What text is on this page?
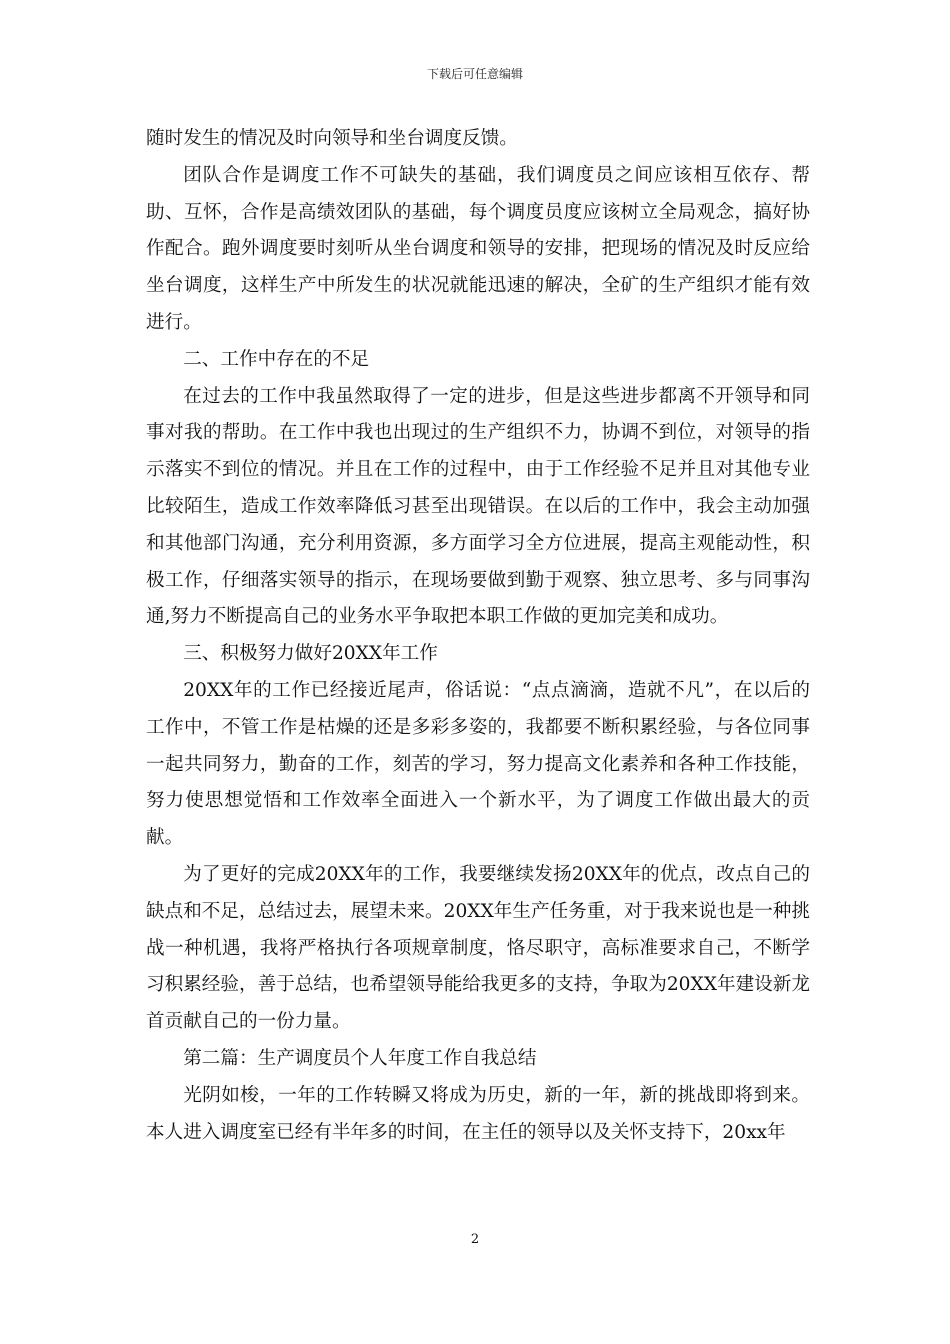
下载后可任意编辑

随时发生的情况及时向领导和坐台调度反馈。

团队合作是调度工作不可缺失的基础，我们调度员之间应该相互依存、帮助、互怀，合作是高绩效团队的基础，每个调度员度应该树立全局观念，搞好协作配合。跑外调度要时刻听从坐台调度和领导的安排，把现场的情况及时反应给坐台调度，这样生产中所发生的状况就能迅速的解决，全矿的生产组织才能有效进行。

二、工作中存在的不足

在过去的工作中我虽然取得了一定的进步，但是这些进步都离不开领导和同事对我的帮助。在工作中我也出现过的生产组织不力，协调不到位，对领导的指示落实不到位的情况。并且在工作的过程中，由于工作经验不足并且对其他专业比较陌生，造成工作效率降低习甚至出现错误。在以后的工作中，我会主动加强和其他部门沟通，充分利用资源，多方面学习全方位进展，提高主观能动性，积极工作，仔细落实领导的指示，在现场要做到勤于观察、独立思考、多与同事沟通,努力不断提高自己的业务水平争取把本职工作做的更加完美和成功。

三、积极努力做好20XX年工作

20XX年的工作已经接近尾声，俗话说：“点点滴滴，造就不凡”，在以后的工作中，不管工作是枯燥的还是多彩多姿的，我都要不断积累经验，与各位同事一起共同努力，勤奋的工作，刻苦的学习，努力提高文化素养和各种工作技能，努力使思想觉悟和工作效率全面进入一个新水平，为了调度工作做出最大的贡献。

为了更好的完成20XX年的工作，我要继续发扬20XX年的优点，改点自己的缺点和不足，总结过去，展望未来。20XX年生产任务重，对于我来说也是一种挑战一种机遇，我将严格执行各项规章制度，恪尽职守，高标准要求自己，不断学习积累经验，善于总结，也希望领导能给我更多的支持，争取为20XX年建设新龙首贡献自己的一份力量。

第二篇：生产调度员个人年度工作自我总结

光阴如梭，一年的工作转瞬又将成为历史，新的一年，新的挑战即将到来。本人进入调度室已经有半年多的时间，在主任的领导以及关怀支持下，20xx年

2
